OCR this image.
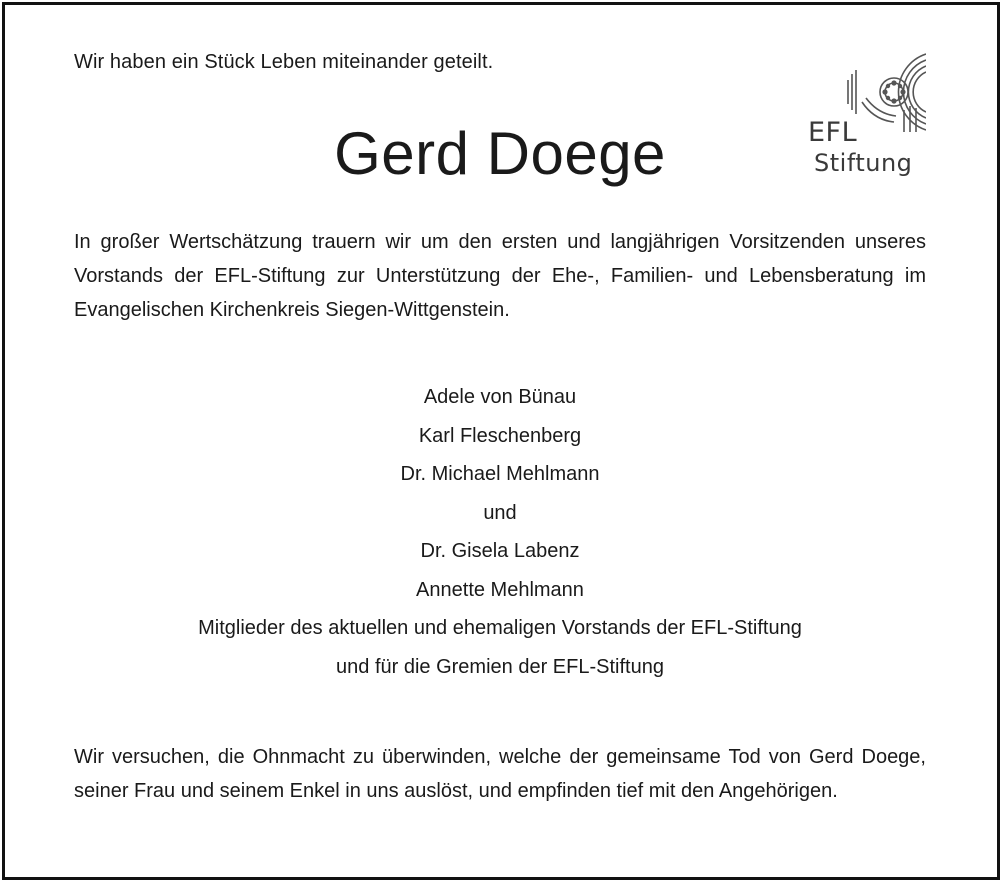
Wir haben ein Stück Leben miteinander geteilt.
Gerd Doege	EFL
Stiftung
In großer Wertschätzung trauern wir um den ersten und langjährigen Vorsitzenden unseres Vorstands der EFL-Stiftung zur Unterstützung der Ehe-, Familien- und Lebensberatung im Evangelischen Kirchenkreis Siegen-Wittgenstein.
Adele von Bünau
Karl Fleschenberg
Dr. Michael Mehlmann
und
Dr. Gisela Labenz
Annette Mehlmann
Mitglieder des aktuellen und ehemaligen Vorstands der EFL-Stiftung
und für die Gremien der EFL-Stiftung
Wir versuchen, die Ohnmacht zu überwinden, welche der gemeinsame Tod von Gerd Doege, seiner Frau und seinem Enkel in uns auslöst, und empfinden tief mit den Angehörigen.
